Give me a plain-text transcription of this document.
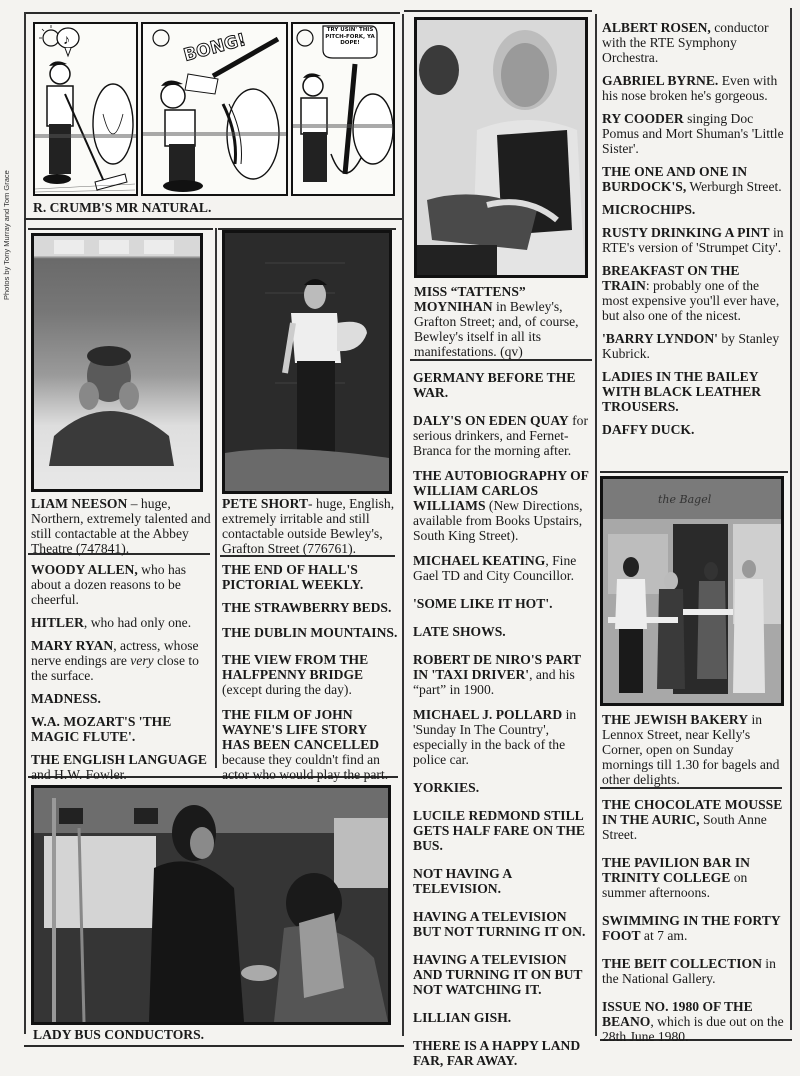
Photos by Tony Murray and Tom Grace
♪	BONG!
TRY USIN' THIS PITCH-FORK, YA DOPE!
R. CRUMB'S MR NATURAL.
LIAM NEESON – huge, Northern, extremely talented and still contactable at the Abbey Theatre (747841).
PETE SHORT- huge, English, extremely irritable and still contactable outside Bewley's, Grafton Street (776761).
WOODY ALLEN, who has about a dozen reasons to be cheerful.
HITLER, who had only one.
MARY RYAN, actress, whose nerve endings are very close to the surface.
MADNESS.
W.A. MOZART'S 'THE MAGIC FLUTE'.
THE ENGLISH LANGUAGE and H.W. Fowler.
THE END OF HALL'S PICTORIAL WEEKLY.
THE STRAWBERRY BEDS.
THE DUBLIN MOUNTAINS.
THE VIEW FROM THE HALFPENNY BRIDGE (except during the day).
THE FILM OF JOHN WAYNE'S LIFE STORY HAS BEEN CANCELLED because they couldn't find an actor who would play the part.
LADY BUS CONDUCTORS.
MISS “TATTENS” MOYNIHAN in Bewley's, Grafton Street; and, of course, Bewley's itself in all its manifestations. (qv)
GERMANY BEFORE THE WAR.
DALY'S ON EDEN QUAY for serious drinkers, and Fernet-Branca for the morning after.
THE AUTOBIOGRAPHY OF WILLIAM CARLOS WILLIAMS (New Directions, available from Books Upstairs, South King Street).
MICHAEL KEATING, Fine Gael TD and City Councillor.
'SOME LIKE IT HOT'.
LATE SHOWS.
ROBERT DE NIRO'S PART IN 'TAXI DRIVER', and his “part” in 1900.
MICHAEL J. POLLARD in 'Sunday In The Country', especially in the back of the police car.
YORKIES.
LUCILE REDMOND STILL GETS HALF FARE ON THE BUS.
NOT HAVING A TELEVISION.
HAVING A TELEVISION BUT NOT TURNING IT ON.
HAVING A TELEVISION AND TURNING IT ON BUT NOT WATCHING IT.
LILLIAN GISH.
THERE IS A HAPPY LAND FAR, FAR AWAY.
ALBERT ROSEN, conductor with the RTE Symphony Orchestra.
GABRIEL BYRNE. Even with his nose broken he's gorgeous.
RY COODER singing Doc Pomus and Mort Shuman's 'Little Sister'.
THE ONE AND ONE IN BURDOCK'S, Werburgh Street.
MICROCHIPS.
RUSTY DRINKING A PINT in RTE's version of 'Strumpet City'.
BREAKFAST ON THE TRAIN: probably one of the most expensive you'll ever have, but also one of the nicest.
'BARRY LYNDON' by Stanley Kubrick.
LADIES IN THE BAILEY WITH BLACK LEATHER TROUSERS.
DAFFY DUCK.
the Bagel
THE JEWISH BAKERY in Lennox Street, near Kelly's Corner, open on Sunday mornings till 1.30 for bagels and other delights.
THE CHOCOLATE MOUSSE IN THE AURIC, South Anne Street.
THE PAVILION BAR IN TRINITY COLLEGE on summer afternoons.
SWIMMING IN THE FORTY FOOT at 7 am.
THE BEIT COLLECTION in the National Gallery.
ISSUE NO. 1980 OF THE BEANO, which is due out on the 28th June 1980.
